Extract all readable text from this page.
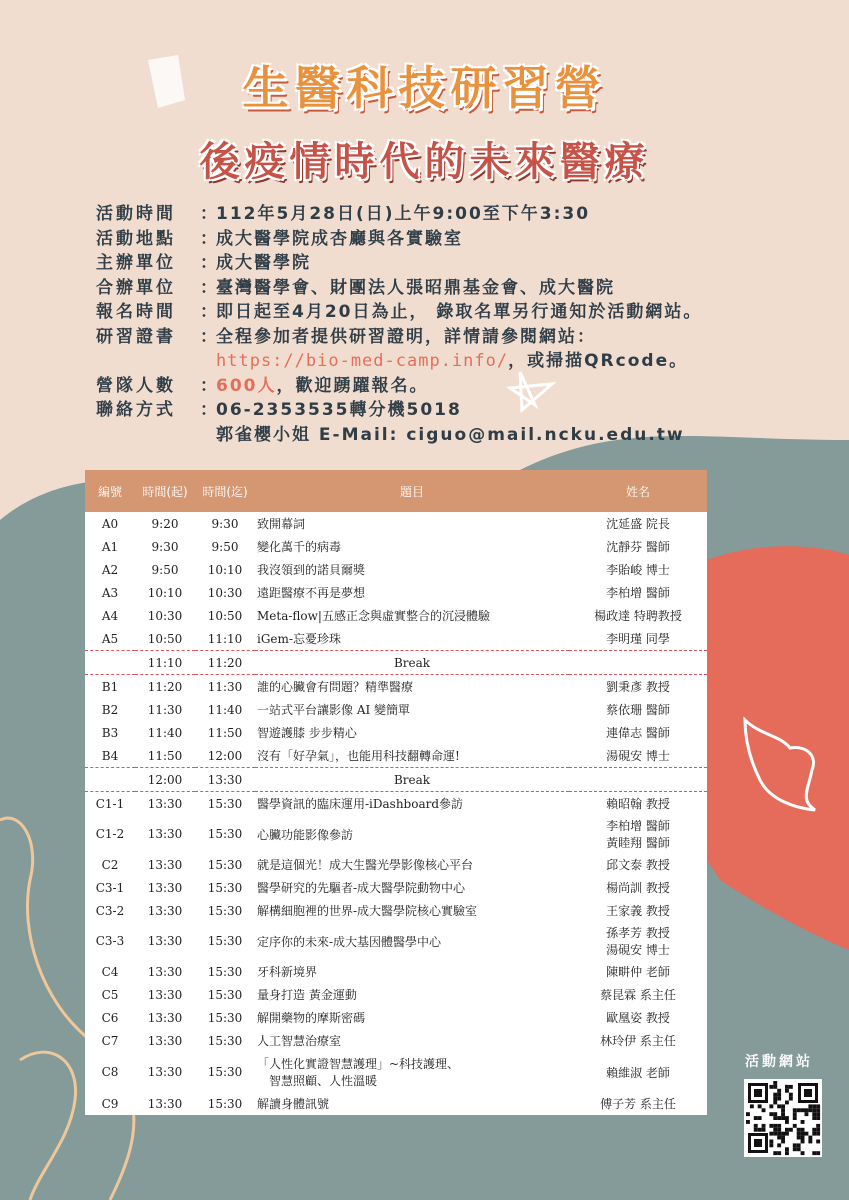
生醫科技研習營
後疫情時代的未來醫療
活動時間	：
112年5月28日(日)上午9:00至下午3:30
活動地點	：
成大醫學院成杏廳與各實驗室
主辦單位	：
成大醫學院
合辦單位	：
臺灣醫學會、財團法人張昭鼎基金會、成大醫院
報名時間	：
即日起至4月20日為止， 錄取名單另行通知於活動網站。
研習證書	：
全程參加者提供研習證明，詳情請參閱網站：
https://bio-med-camp.info/ ，或掃描QRcode。
營隊人數	：
600人 ，歡迎踴躍報名。
聯絡方式	：
06-2353535轉分機5018
郭雀櫻小姐 E-Mail: ciguo@mail.ncku.edu.tw
編號	時間(起)	時間(迄)	題目	姓名
A0	9:20	9:30	致開幕詞	沈延盛 院長
A1	9:30	9:50	變化萬千的病毒	沈靜芬 醫師
A2	9:50	10:10	我沒領到的諾貝爾獎	李貽峻 博士
A3	10:10	10:30	遠距醫療不再是夢想	李柏增 醫師
A4	10:30	10:50	Meta-flow|五感正念與虛實整合的沉浸體驗	楊政達 特聘教授
A5	10:50	11:10	iGem-忘憂珍珠	李明瑾 同學
	11:10	11:20	Break	
B1	11:20	11:30	誰的心臟會有問題？精準醫療	劉秉彥 教授
B2	11:30	11:40	一站式平台讓影像 AI 變簡單	蔡依珊 醫師
B3	11:40	11:50	智遊護膝 步步精心	連偉志 醫師
B4	11:50	12:00	沒有「好孕氣」，也能用科技翻轉命運!	湯硯安 博士
	12:00	13:30	Break	
C1-1	13:30	15:30	醫學資訊的臨床運用-iDashboard參訪	賴昭翰 教授
C1-2	13:30	15:30	心臟功能影像參訪	李柏增 醫師
黃睦翔 醫師

C2	13:30	15:30	就是這個光！成大生醫光學影像核心平台	邱文泰 教授
C3-1	13:30	15:30	醫學研究的先驅者-成大醫學院動物中心	楊尚訓 教授
C3-2	13:30	15:30	解構細胞裡的世界-成大醫學院核心實驗室	王家義 教授
C3-3	13:30	15:30	定序你的未來-成大基因體醫學中心	孫孝芳 教授
湯硯安 博士

C4	13:30	15:30	牙科新境界	陳畊仲 老師
C5	13:30	15:30	量身打造 黃金運動	蔡昆霖 系主任
C6	13:30	15:30	解開藥物的摩斯密碼	歐凰姿 教授
C7	13:30	15:30	人工智慧治療室	林玲伊 系主任
C8	13:30	15:30	「人性化實證智慧護理」~科技護理、
智慧照顧、人性溫暖	賴維淑 老師
C9	13:30	15:30	解讀身體訊號	傅子芳 系主任
活動網站
